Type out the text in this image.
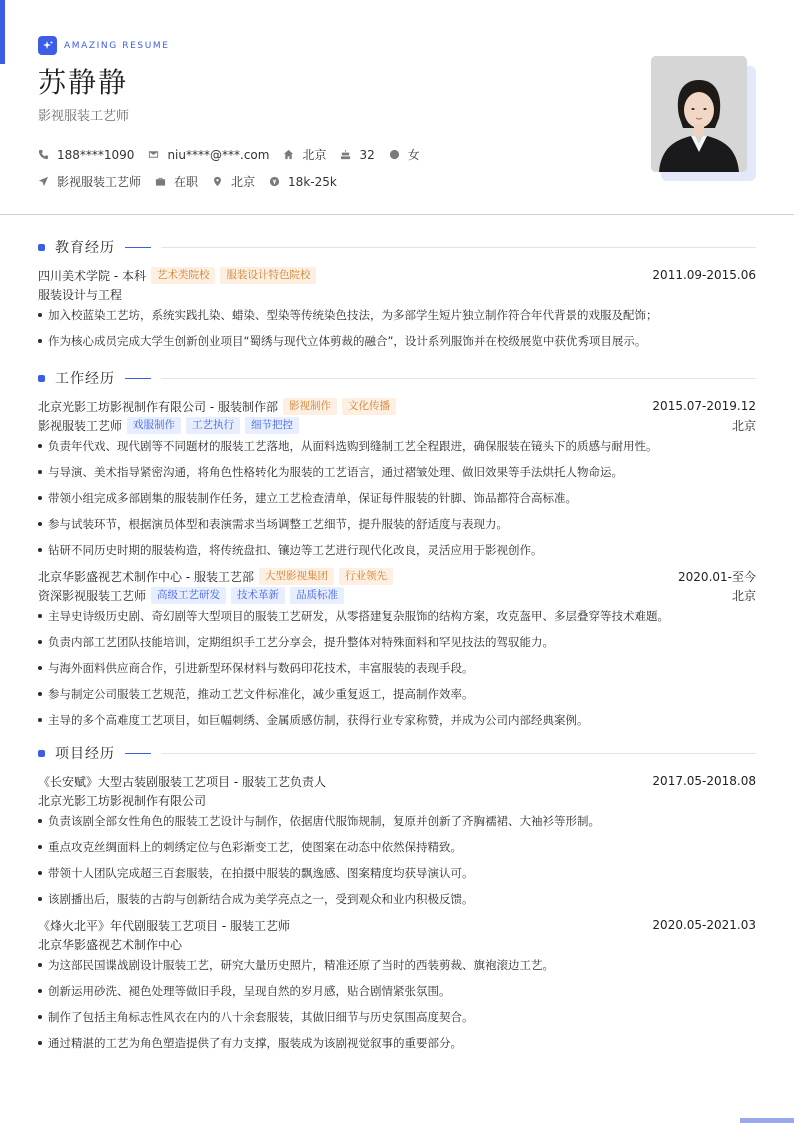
AMAZING RESUME
苏静静
影视服装工艺师
188****1090	niu****@***.com	北京	32	女
影视服装工艺师	在职	北京	18k-25k
教育经历
四川美术学院 - 本科	艺术类院校	服装设计特色院校	2011.09-2015.06
服装设计与工程
加入校蓝染工艺坊，系统实践扎染、蜡染、型染等传统染色技法，为多部学生短片独立制作符合年代背景的戏服及配饰；
作为核心成员完成大学生创新创业项目“蜀绣与现代立体剪裁的融合”，设计系列服饰并在校级展览中获优秀项目展示。
工作经历
北京光影工坊影视制作有限公司 - 服装制作部	影视制作	文化传播	2015.07-2019.12
影视服装工艺师	戏服制作	工艺执行	细节把控	北京
负责年代戏、现代剧等不同题材的服装工艺落地，从面料选购到缝制工艺全程跟进，确保服装在镜头下的质感与耐用性。
与导演、美术指导紧密沟通，将角色性格转化为服装的工艺语言，通过褶皱处理、做旧效果等手法烘托人物命运。
带领小组完成多部剧集的服装制作任务，建立工艺检查清单，保证每件服装的针脚、饰品都符合高标准。
参与试装环节，根据演员体型和表演需求当场调整工艺细节，提升服装的舒适度与表现力。
钻研不同历史时期的服装构造，将传统盘扣、镶边等工艺进行现代化改良，灵活应用于影视创作。
北京华影盛视艺术制作中心 - 服装工艺部	大型影视集团	行业领先	2020.01-至今
资深影视服装工艺师	高级工艺研发	技术革新	品质标准	北京
主导史诗级历史剧、奇幻剧等大型项目的服装工艺研发，从零搭建复杂服饰的结构方案，攻克盔甲、多层叠穿等技术难题。
负责内部工艺团队技能培训，定期组织手工艺分享会，提升整体对特殊面料和罕见技法的驾驭能力。
与海外面料供应商合作，引进新型环保材料与数码印花技术，丰富服装的表现手段。
参与制定公司服装工艺规范，推动工艺文件标准化，减少重复返工，提高制作效率。
主导的多个高难度工艺项目，如巨幅刺绣、金属质感仿制，获得行业专家称赞，并成为公司内部经典案例。
项目经历
《长安赋》大型古装剧服装工艺项目 - 服装工艺负责人	2017.05-2018.08
北京光影工坊影视制作有限公司
负责该剧全部女性角色的服装工艺设计与制作，依据唐代服饰规制，复原并创新了齐胸襦裙、大袖衫等形制。
重点攻克丝绸面料上的刺绣定位与色彩渐变工艺，使图案在动态中依然保持精致。
带领十人团队完成超三百套服装，在拍摄中服装的飘逸感、图案精度均获导演认可。
该剧播出后，服装的古韵与创新结合成为美学亮点之一，受到观众和业内积极反馈。
《烽火北平》年代剧服装工艺项目 - 服装工艺师	2020.05-2021.03
北京华影盛视艺术制作中心
为这部民国谍战剧设计服装工艺，研究大量历史照片，精准还原了当时的西装剪裁、旗袍滚边工艺。
创新运用砂洗、褪色处理等做旧手段，呈现自然的岁月感，贴合剧情紧张氛围。
制作了包括主角标志性风衣在内的八十余套服装，其做旧细节与历史氛围高度契合。
通过精湛的工艺为角色塑造提供了有力支撑，服装成为该剧视觉叙事的重要部分。
